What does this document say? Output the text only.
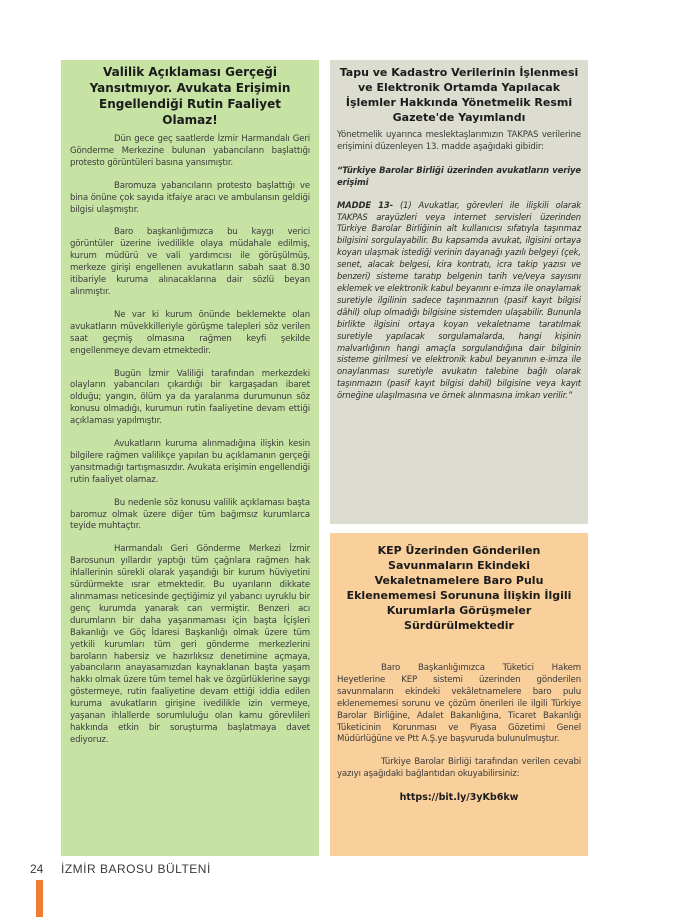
Valilik Açıklaması Gerçeği Yansıtmıyor. Avukata Erişimin Engellendiği Rutin Faaliyet Olamaz!

Dün gece geç saatlerde İzmir Harmandalı Geri Gönderme Merkezine bulunan yabancıların başlattığı protesto görüntüleri basına yansımıştır.

Baromuza yabancıların protesto başlattığı ve bina önüne çok sayıda itfaiye aracı ve ambulansın geldiği bilgisi ulaşmıştır.

Baro başkanlığımızca bu kaygı verici görüntüler üzerine ivedilikle olaya müdahale edilmiş, kurum müdürü ve vali yardımcısı ile görüşülmüş, merkeze girişi engellenen avukatların sabah saat 8.30 itibariyle kuruma alınacaklarına dair sözlü beyan alınmıştır.

Ne var ki kurum önünde beklemekte olan avukatların müvekkilleriyle görüşme talepleri söz verilen saat geçmiş olmasına rağmen keyfi şekilde engellenmeye devam etmektedir.

Bugün İzmir Valiliği tarafından merkezdeki olayların yabancıları çıkardığı bir kargaşadan ibaret olduğu; yangın, ölüm ya da yaralanma durumunun söz konusu olmadığı, kurumun rutin faaliyetine devam ettiği açıklaması yapılmıştır.

Avukatların kuruma alınmadığına ilişkin kesin bilgilere rağmen valilikçe yapılan bu açıklamanın gerçeği yansıtmadığı tartışmasızdır. Avukata erişimin engellendiği rutin faaliyet olamaz.

Bu nedenle söz konusu valilik açıklaması başta baromuz olmak üzere diğer tüm bağımsız kurumlarca teyide muhtaçtır.

Harmandalı Geri Gönderme Merkezi İzmir Barosunun yıllardır yaptığı tüm çağrılara rağmen hak ihlallerinin sürekli olarak yaşandığı bir kurum hüviyetini sürdürmekte ısrar etmektedir. Bu uyarıların dikkate alınmaması neticesinde geçtiğimiz yıl yabancı uyruklu bir genç kurumda yanarak can vermiştir. Benzeri acı durumların bir daha yaşanmaması için başta İçişleri Bakanlığı ve Göç İdaresi Başkanlığı olmak üzere tüm yetkili kurumları tüm geri gönderme merkezlerini baroların habersiz ve hazırlıksız denetimine açmaya, yabancıların anayasamızdan kaynaklanan başta yaşam hakkı olmak üzere tüm temel hak ve özgürlüklerine saygı göstermeye, rutin faaliyetine devam ettiği iddia edilen kuruma avukatların girişine ivedilikle izin vermeye, yaşanan ihlallerde sorumluluğu olan kamu görevlileri hakkında etkin bir soruşturma başlatmaya davet ediyoruz.

Tapu ve Kadastro Verilerinin İşlenmesi ve Elektronik Ortamda Yapılacak İşlemler Hakkında Yönetmelik Resmi Gazete'de Yayımlandı

Yönetmelik uyarınca meslektaşlarımızın TAKPAS verilerine erişimini düzenleyen 13. madde aşağıdaki gibidir:

“Türkiye Barolar Birliği üzerinden avukatların veriye erişimi

MADDE 13- (1) Avukatlar, görevleri ile ilişkili olarak TAKPAS arayüzleri veya internet servisleri üzerinden Türkiye Barolar Birliğinin alt kullanıcısı sıfatıyla taşınmaz bilgisini sorgulayabilir. Bu kapsamda avukat, ilgisini ortaya koyan ulaşmak istediği verinin dayanağı yazılı belgeyi (çek, senet, alacak belgesi, kira kontratı, icra takip yazısı ve benzeri) sisteme taratıp belgenin tarih ve/veya sayısını eklemek ve elektronik kabul beyanını e-imza ile onaylamak suretiyle ilgilinin sadece taşınmazının (pasif kayıt bilgisi dâhil) olup olmadığı bilgisine sistemden ulaşabilir. Bununla birlikte ilgisini ortaya koyan vekaletname taratılmak suretiyle yapılacak sorgulamalarda, hangi kişinin malvarlığının hangi amaçla sorgulandığına dair bilginin sisteme girilmesi ve elektronik kabul beyanının e-imza ile onaylanması suretiyle avukatın talebine bağlı olarak taşınmazın (pasif kayıt bilgisi dahil) bilgisine veya kayıt örneğine ulaşılmasına ve örnek alınmasına imkan verilir.”

KEP Üzerinden Gönderilen Savunmaların Ekindeki Vekaletnamelere Baro Pulu Eklenememesi Sorununa İlişkin İlgili Kurumlarla Görüşmeler Sürdürülmektedir

Baro Başkanlığımızca Tüketici Hakem Heyetlerine KEP sistemi üzerinden gönderilen savunmaların ekindeki vekâletnamelere baro pulu eklenememesi sorunu ve çözüm önerileri ile ilgili Türkiye Barolar Birliğine, Adalet Bakanlığına, Ticaret Bakanlığı Tüketicinin Korunması ve Piyasa Gözetimi Genel Müdürlüğüne ve Ptt A.Ş.ye başvuruda bulunulmuştur.

Türkiye Barolar Birliği tarafından verilen cevabi yazıyı aşağıdaki bağlantıdan okuyabilirsiniz:

https://bit.ly/3yKb6kw
24 İZMİR BAROSU BÜLTENİ
